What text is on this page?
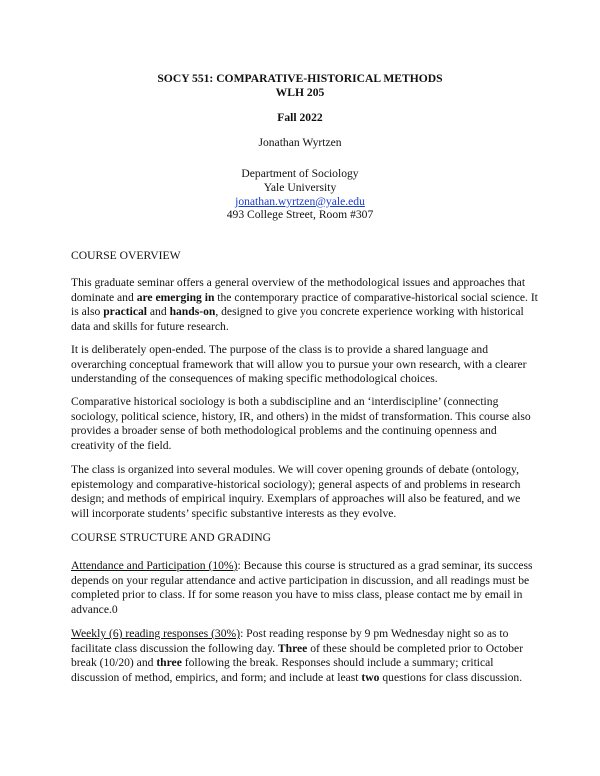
SOCY 551: COMPARATIVE-HISTORICAL METHODS
WLH 205
Fall 2022
Jonathan Wyrtzen
Department of Sociology
Yale University
jonathan.wyrtzen@yale.edu
493 College Street, Room #307
COURSE OVERVIEW
This graduate seminar offers a general overview of the methodological issues and approaches that dominate and are emerging in the contemporary practice of comparative-historical social science. It is also practical and hands-on, designed to give you concrete experience working with historical data and skills for future research.
It is deliberately open-ended. The purpose of the class is to provide a shared language and overarching conceptual framework that will allow you to pursue your own research, with a clearer understanding of the consequences of making specific methodological choices.
Comparative historical sociology is both a subdiscipline and an ‘interdiscipline’ (connecting sociology, political science, history, IR, and others) in the midst of transformation. This course also provides a broader sense of both methodological problems and the continuing openness and creativity of the field.
The class is organized into several modules. We will cover opening grounds of debate (ontology, epistemology and comparative-historical sociology); general aspects of and problems in research design; and methods of empirical inquiry. Exemplars of approaches will also be featured, and we will incorporate students’ specific substantive interests as they evolve.
COURSE STRUCTURE AND GRADING
Attendance and Participation (10%): Because this course is structured as a grad seminar, its success depends on your regular attendance and active participation in discussion, and all readings must be completed prior to class. If for some reason you have to miss class, please contact me by email in advance.0
Weekly (6) reading responses (30%): Post reading response by 9 pm Wednesday night so as to facilitate class discussion the following day. Three of these should be completed prior to October break (10/20) and three following the break. Responses should include a summary; critical discussion of method, empirics, and form; and include at least two questions for class discussion.
